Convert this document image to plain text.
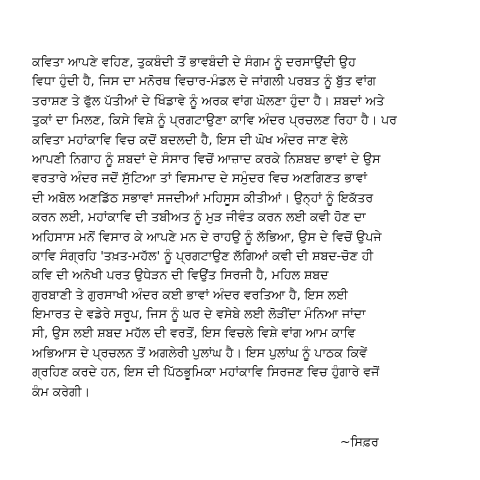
ਕਵਿਤਾ ਆਪਣੇ ਵਹਿਣ, ਤੁਕਬੰਦੀ ਤੋਂ ਭਾਵਬੰਦੀ ਦੇ ਸੰਗਮ ਨੂੰ ਦਰਸਾਉਂਦੀ ਉਹ
ਵਿਧਾ ਹੁੰਦੀ ਹੈ, ਜਿਸ ਦਾ ਮਨੋਰਥ ਵਿਚਾਰ-ਮੰਡਲ ਦੇ ਜਾਂਗਲੀ ਪਰਬਤ ਨੂੰ ਬੁੱਤ ਵਾਂਗ
ਤਰਾਸ਼ਣ ਤੇ ਫੁੱਲ ਪੱਤੀਆਂ ਦੇ ਖਿੰਡਾਵੇ ਨੂੰ ਅਰਕ ਵਾਂਗ ਘੋਲਣਾ ਹੁੰਦਾ ਹੈ। ਸ਼ਬਦਾਂ ਅਤੇ
ਤੁਕਾਂ ਦਾ ਮਿਲਣ, ਕਿਸੇ ਵਿਸ਼ੇ ਨੂੰ ਪ੍ਰਗਟਾਉਣਾ ਕਾਵਿ ਅੰਦਰ ਪ੍ਰਚਲਣ ਰਿਹਾ ਹੈ। ਪਰ
ਕਵਿਤਾ ਮਹਾਂਕਾਵਿ ਵਿਚ ਕਦੋਂ ਬਦਲਦੀ ਹੈ, ਇਸ ਦੀ ਘੋਖ ਅੰਦਰ ਜਾਣ ਵੇਲੇ
ਆਪਣੀ ਨਿਗਾਹ ਨੂੰ ਸ਼ਬਦਾਂ ਦੇ ਸੰਸਾਰ ਵਿਚੋਂ ਆਜ਼ਾਦ ਕਰਕੇ ਨਿਸ਼ਬਦ ਭਾਵਾਂ ਦੇ ਉਸ
ਵਰਤਾਰੇ ਅੰਦਰ ਜਦੋਂ ਸੁੱਟਿਆ ਤਾਂ ਵਿਸਮਾਦ ਦੇ ਸਮੁੰਦਰ ਵਿਚ ਅਣਗਿਣਤ ਭਾਵਾਂ
ਦੀ ਅਬੋਲ ਅਣਡਿੱਠ ਸਭਾਵਾਂ ਸਜਦੀਆਂ ਮਹਿਸੂਸ ਕੀਤੀਆਂ। ਉਨ੍ਹਾਂ ਨੂੰ ਇਕੱਤਰ
ਕਰਨ ਲਈ, ਮਹਾਂਕਾਵਿ ਦੀ ਤਬੀਅਤ ਨੂੰ ਮੁੜ ਜੀਵੰਤ ਕਰਨ ਲਈ ਕਵੀ ਹੋਣ ਦਾ
ਅਹਿਸਾਸ ਮਨੋਂ ਵਿਸਾਰ ਕੇ ਆਪਣੇ ਮਨ ਦੇ ਰਾਹਉ ਨੂੰ ਲੱਭਿਆ, ਉਸ ਦੇ ਵਿਚੋਂ ਉਪਜੇ
ਕਾਵਿ ਸੰਗ੍ਰਹਿ 'ਤਖ਼ਤ-ਮਹੱਲ' ਨੂੰ ਪ੍ਰਗਟਾਉਣ ਲੱਗਿਆਂ ਕਵੀ ਦੀ ਸ਼ਬਦ-ਚੋਣ ਹੀ
ਕਵਿ ਦੀ ਅਨੋਖੀ ਪਰਤ ਉਧੇੜਨ ਦੀ ਵਿਉਂਤ ਸਿਰਜੀ ਹੈ, ਮਹਿਲ ਸ਼ਬਦ
ਗੁਰਬਾਣੀ ਤੇ ਗੁਰਸਾਖੀ ਅੰਦਰ ਕਈ ਭਾਵਾਂ ਅੰਦਰ ਵਰਤਿਆ ਹੈ, ਇਸ ਲਈ
ਇਮਾਰਤ ਦੇ ਵਡੇਰੇ ਸਰੂਪ, ਜਿਸ ਨੂੰ ਘਰ ਦੇ ਵਸੇਬੇ ਲਈ ਲੋੜੀਂਦਾ ਮੰਨਿਆ ਜਾਂਦਾ
ਸੀ, ਉਸ ਲਈ ਸ਼ਬਦ ਮਹੱਲ ਦੀ ਵਰਤੋਂ, ਇਸ ਵਿਚਲੇ ਵਿਸ਼ੇ ਵਾਂਗ ਆਮ ਕਾਵਿ
ਅਭਿਆਸ ਦੇ ਪ੍ਰਚਲਨ ਤੋਂ ਅਗਲੇਰੀ ਪੁਲਾਂਘ ਹੈ। ਇਸ ਪੁਲਾਂਘ ਨੂੰ ਪਾਠਕ ਕਿਵੇਂ
ਗ੍ਰਹਿਣ ਕਰਦੇ ਹਨ, ਇਸ ਦੀ ਪਿੱਠਭੂਮਿਕਾ ਮਹਾਂਕਾਵਿ ਸਿਰਜਣ ਵਿਚ ਹੁੰਗਾਰੇ ਵਜੋਂ
ਕੰਮ ਕਰੇਗੀ।
~ਸਿਫ਼ਰ
